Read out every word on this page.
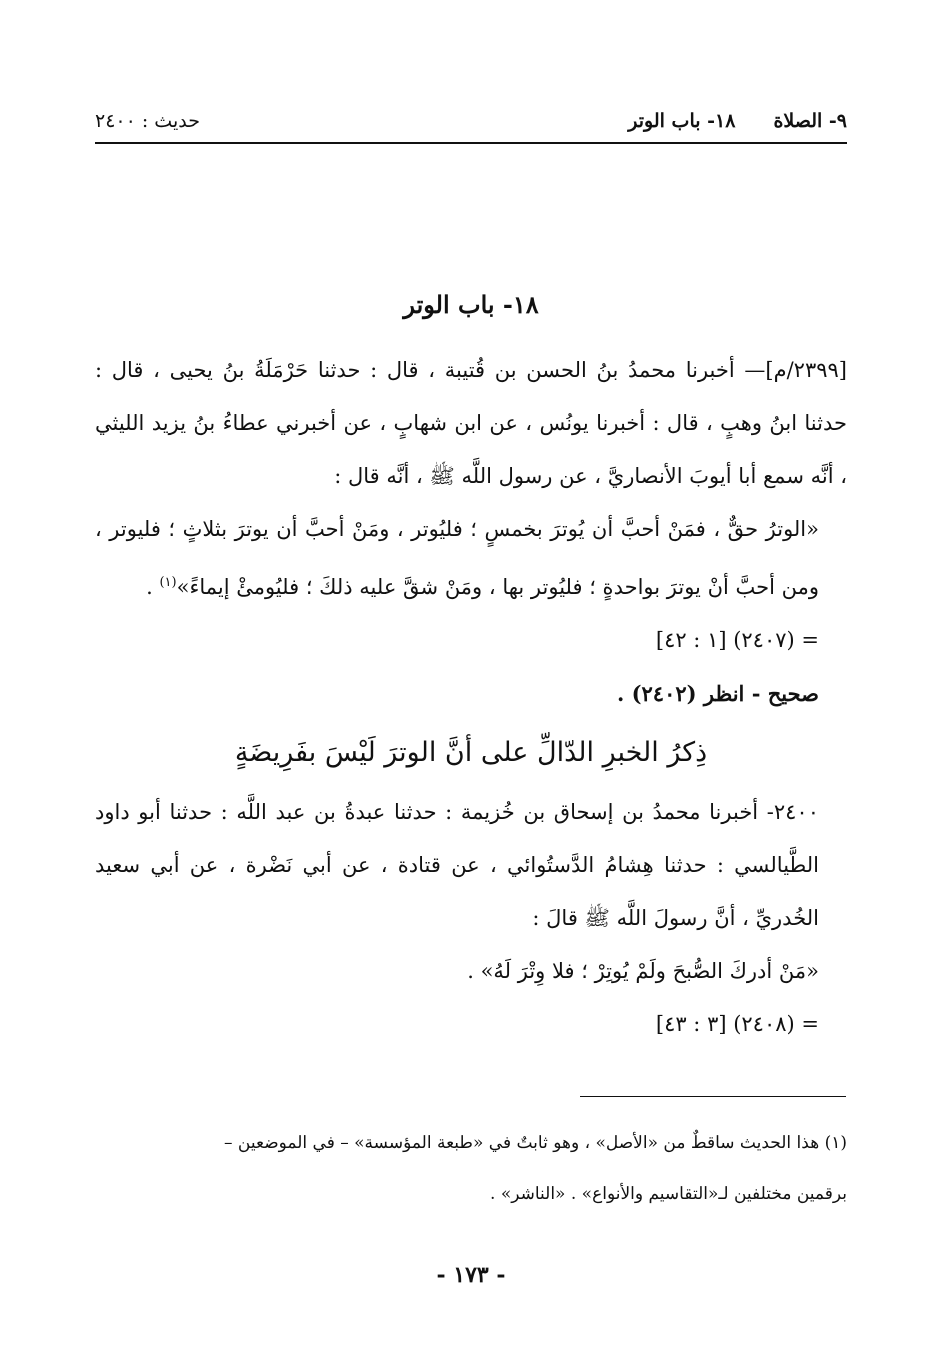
٩- الصلاة١٨- باب الوتر
حديث : ٢٤٠٠
١٨- باب الوتر

[٢٣٩٩/م]— أخبرنا محمدُ بنُ الحسن بن قُتيبة ، قال : حدثنا حَرْمَلَةُ بنُ يحيى ، قال : حدثنا ابنُ وهبٍ ، قال : أخبرنا يونُس ، عن ابن شهابٍ ، عن أخبرني عطاءُ بنُ يزيد الليثي ، أنَّه سمع أبا أيوبَ الأنصاريَّ ، عن رسول اللَّه ﷺ ، أنَّه قال :

«الوترُ حقٌّ ، فمَنْ أحبَّ أن يُوترَ بخمسٍ ؛ فليُوتر ، ومَنْ أحبَّ أن يوترَ بثلاثٍ ؛ فليوتر ، ومن أحبَّ أنْ يوترَ بواحدةٍ ؛ فليُوتر بها ، ومَنْ شقَّ عليه ذلكَ ؛ فليُومئْ إيماءً»$^{(١)}$ .

= (٢٤٠٧) [١ : ٤٢]

صحيح - انظر (٢٤٠٢) .

ذِكرُ الخبرِ الدّالِّ على أنَّ الوترَ لَيْسَ بفَرِيضَةٍ

٢٤٠٠- أخبرنا محمدُ بن إسحاق بن خُزيمة : حدثنا عبدةُ بن عبد اللَّه : حدثنا أبو داود الطَّيالسي : حدثنا هِشامُ الدَّستُوائي ، عن قتادة ، عن أبي نَضْرة ، عن أبي سعيد الخُدريِّ ، أنَّ رسولَ اللَّه ﷺ قالَ :

«مَنْ أدركَ الصُّبحَ ولَمْ يُوتِرْ ؛ فلا وِتْرَ لَهُ» .

= (٢٤٠٨) [٣ : ٤٣]

(١) هذا الحديث ساقطٌ من «الأصل» ، وهو ثابتٌ في «طبعة المؤسسة» – في الموضعين –

برقمين مختلفين لـ«التقاسيم والأنواع» . «الناشر» .

- ١٧٣ -
